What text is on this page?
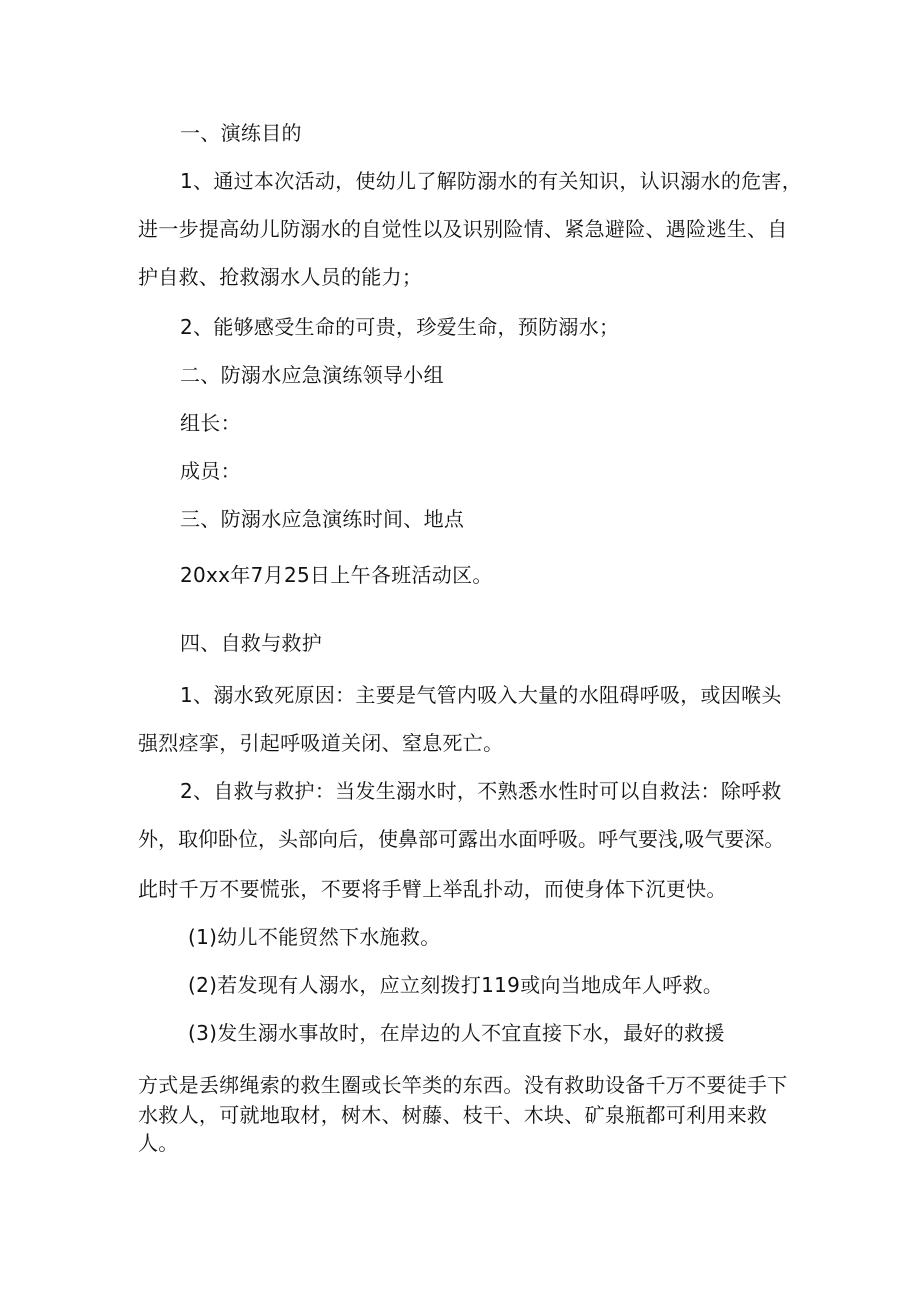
一、演练目的

1、通过本次活动，使幼儿了解防溺水的有关知识，认识溺水的危害，

进一步提高幼儿防溺水的自觉性以及识别险情、紧急避险、遇险逃生、自

护自救、抢救溺水人员的能力；

2、能够感受生命的可贵，珍爱生命，预防溺水；

二、防溺水应急演练领导小组

组长：

成员：

三、防溺水应急演练时间、地点

20xx年7月25日上午各班活动区。

四、自救与救护

1、溺水致死原因：主要是气管内吸入大量的水阻碍呼吸，或因喉头

强烈痉挛，引起呼吸道关闭、窒息死亡。

2、自救与救护：当发生溺水时，不熟悉水性时可以自救法：除呼救

外，取仰卧位，头部向后，使鼻部可露出水面呼吸。呼气要浅,吸气要深。

此时千万不要慌张，不要将手臂上举乱扑动，而使身体下沉更快。

(1)幼儿不能贸然下水施救。

(2)若发现有人溺水，应立刻拨打119或向当地成年人呼救。

(3)发生溺水事故时，在岸边的人不宜直接下水，最好的救援

方式是丢绑绳索的救生圈或长竿类的东西。没有救助设备千万不要徒手下

水救人，可就地取材，树木、树藤、枝干、木块、矿泉瓶都可利用来救

人。
